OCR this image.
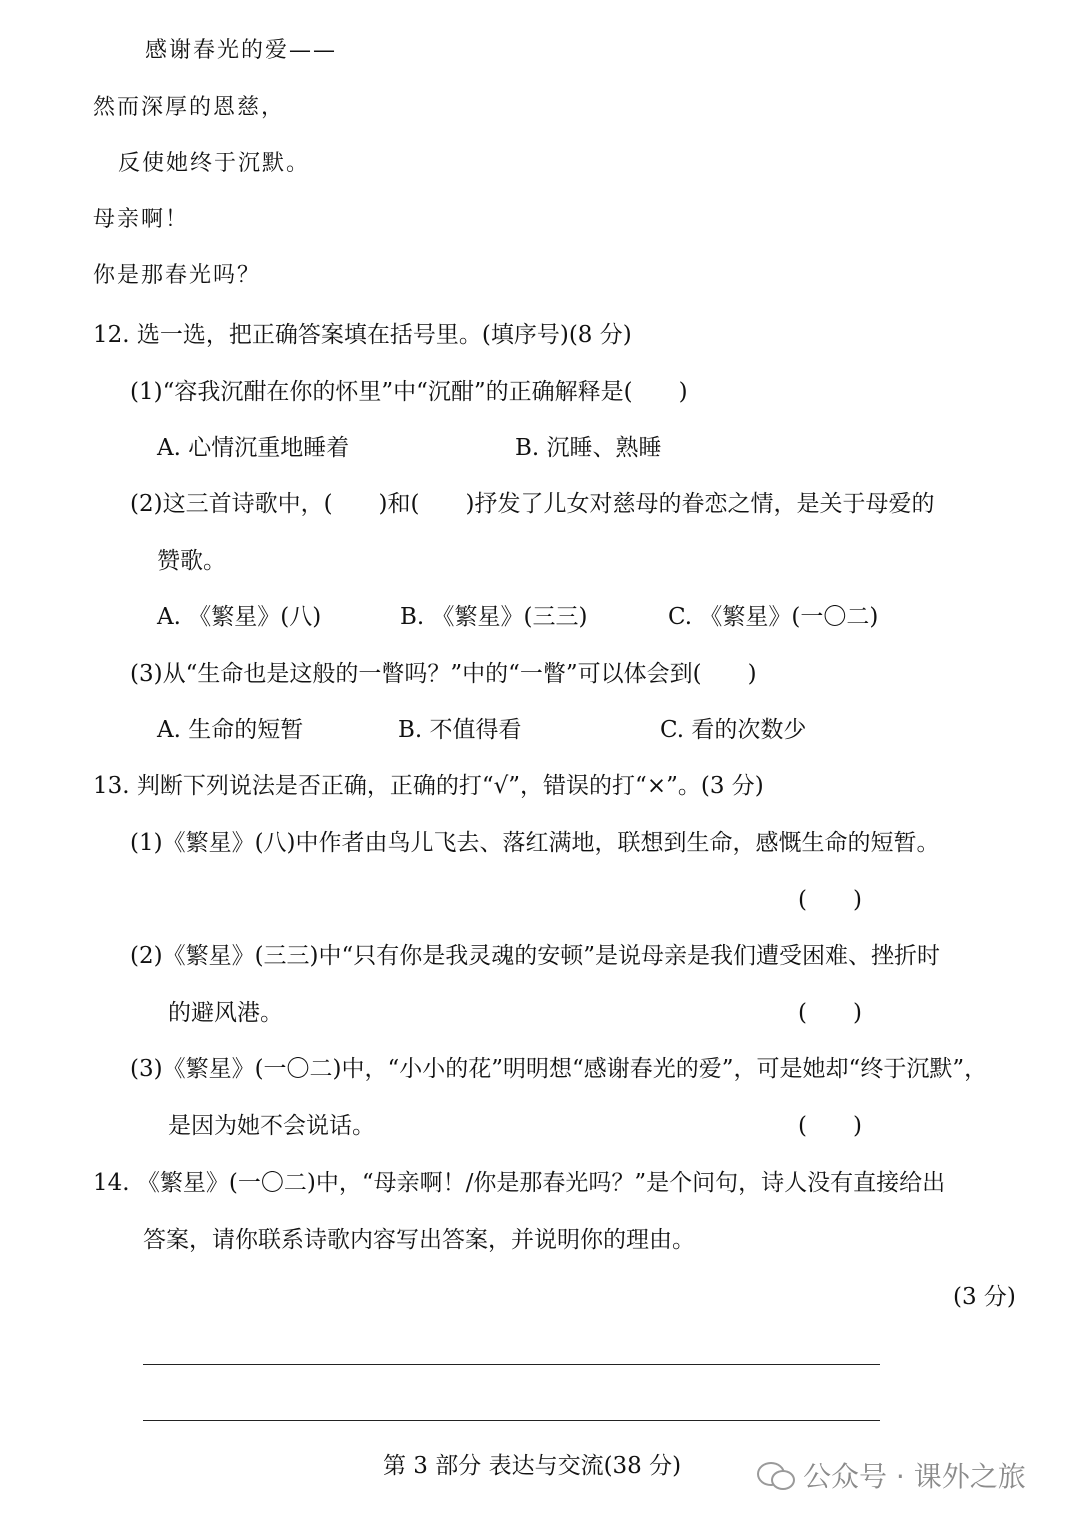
感谢春光的爱——
然而深厚的恩慈，
反使她终于沉默。
母亲啊！
你是那春光吗？
12. 选一选，把正确答案填在括号里。(填序号)(8 分)
(1)“容我沉酣在你的怀里”中“沉酣”的正确解释是(　　)
A. 心情沉重地睡着	B. 沉睡、熟睡
(2)这三首诗歌中，(　　)和(　　)抒发了儿女对慈母的眷恋之情，是关于母爱的
赞歌。
A. 《繁星》(八)	B. 《繁星》(三三)	C. 《繁星》(一〇二)
(3)从“生命也是这般的一瞥吗？”中的“一瞥”可以体会到(　　)
A. 生命的短暂	B. 不值得看	C. 看的次数少
13. 判断下列说法是否正确，正确的打“√”，错误的打“×”。(3 分)
(1)《繁星》(八)中作者由鸟儿飞去、落红满地，联想到生命，感慨生命的短暂。
(　　)
(2)《繁星》(三三)中“只有你是我灵魂的安顿”是说母亲是我们遭受困难、挫折时
的避风港。	(　　)
(3)《繁星》(一〇二)中，“小小的花”明明想“感谢春光的爱”，可是她却“终于沉默”，
是因为她不会说话。	(　　)
14. 《繁星》(一〇二)中，“母亲啊！/你是那春光吗？”是个问句，诗人没有直接给出
答案，请你联系诗歌内容写出答案，并说明你的理由。
(3 分)
第 3 部分 表达与交流(38 分)	公众号 · 课外之旅
